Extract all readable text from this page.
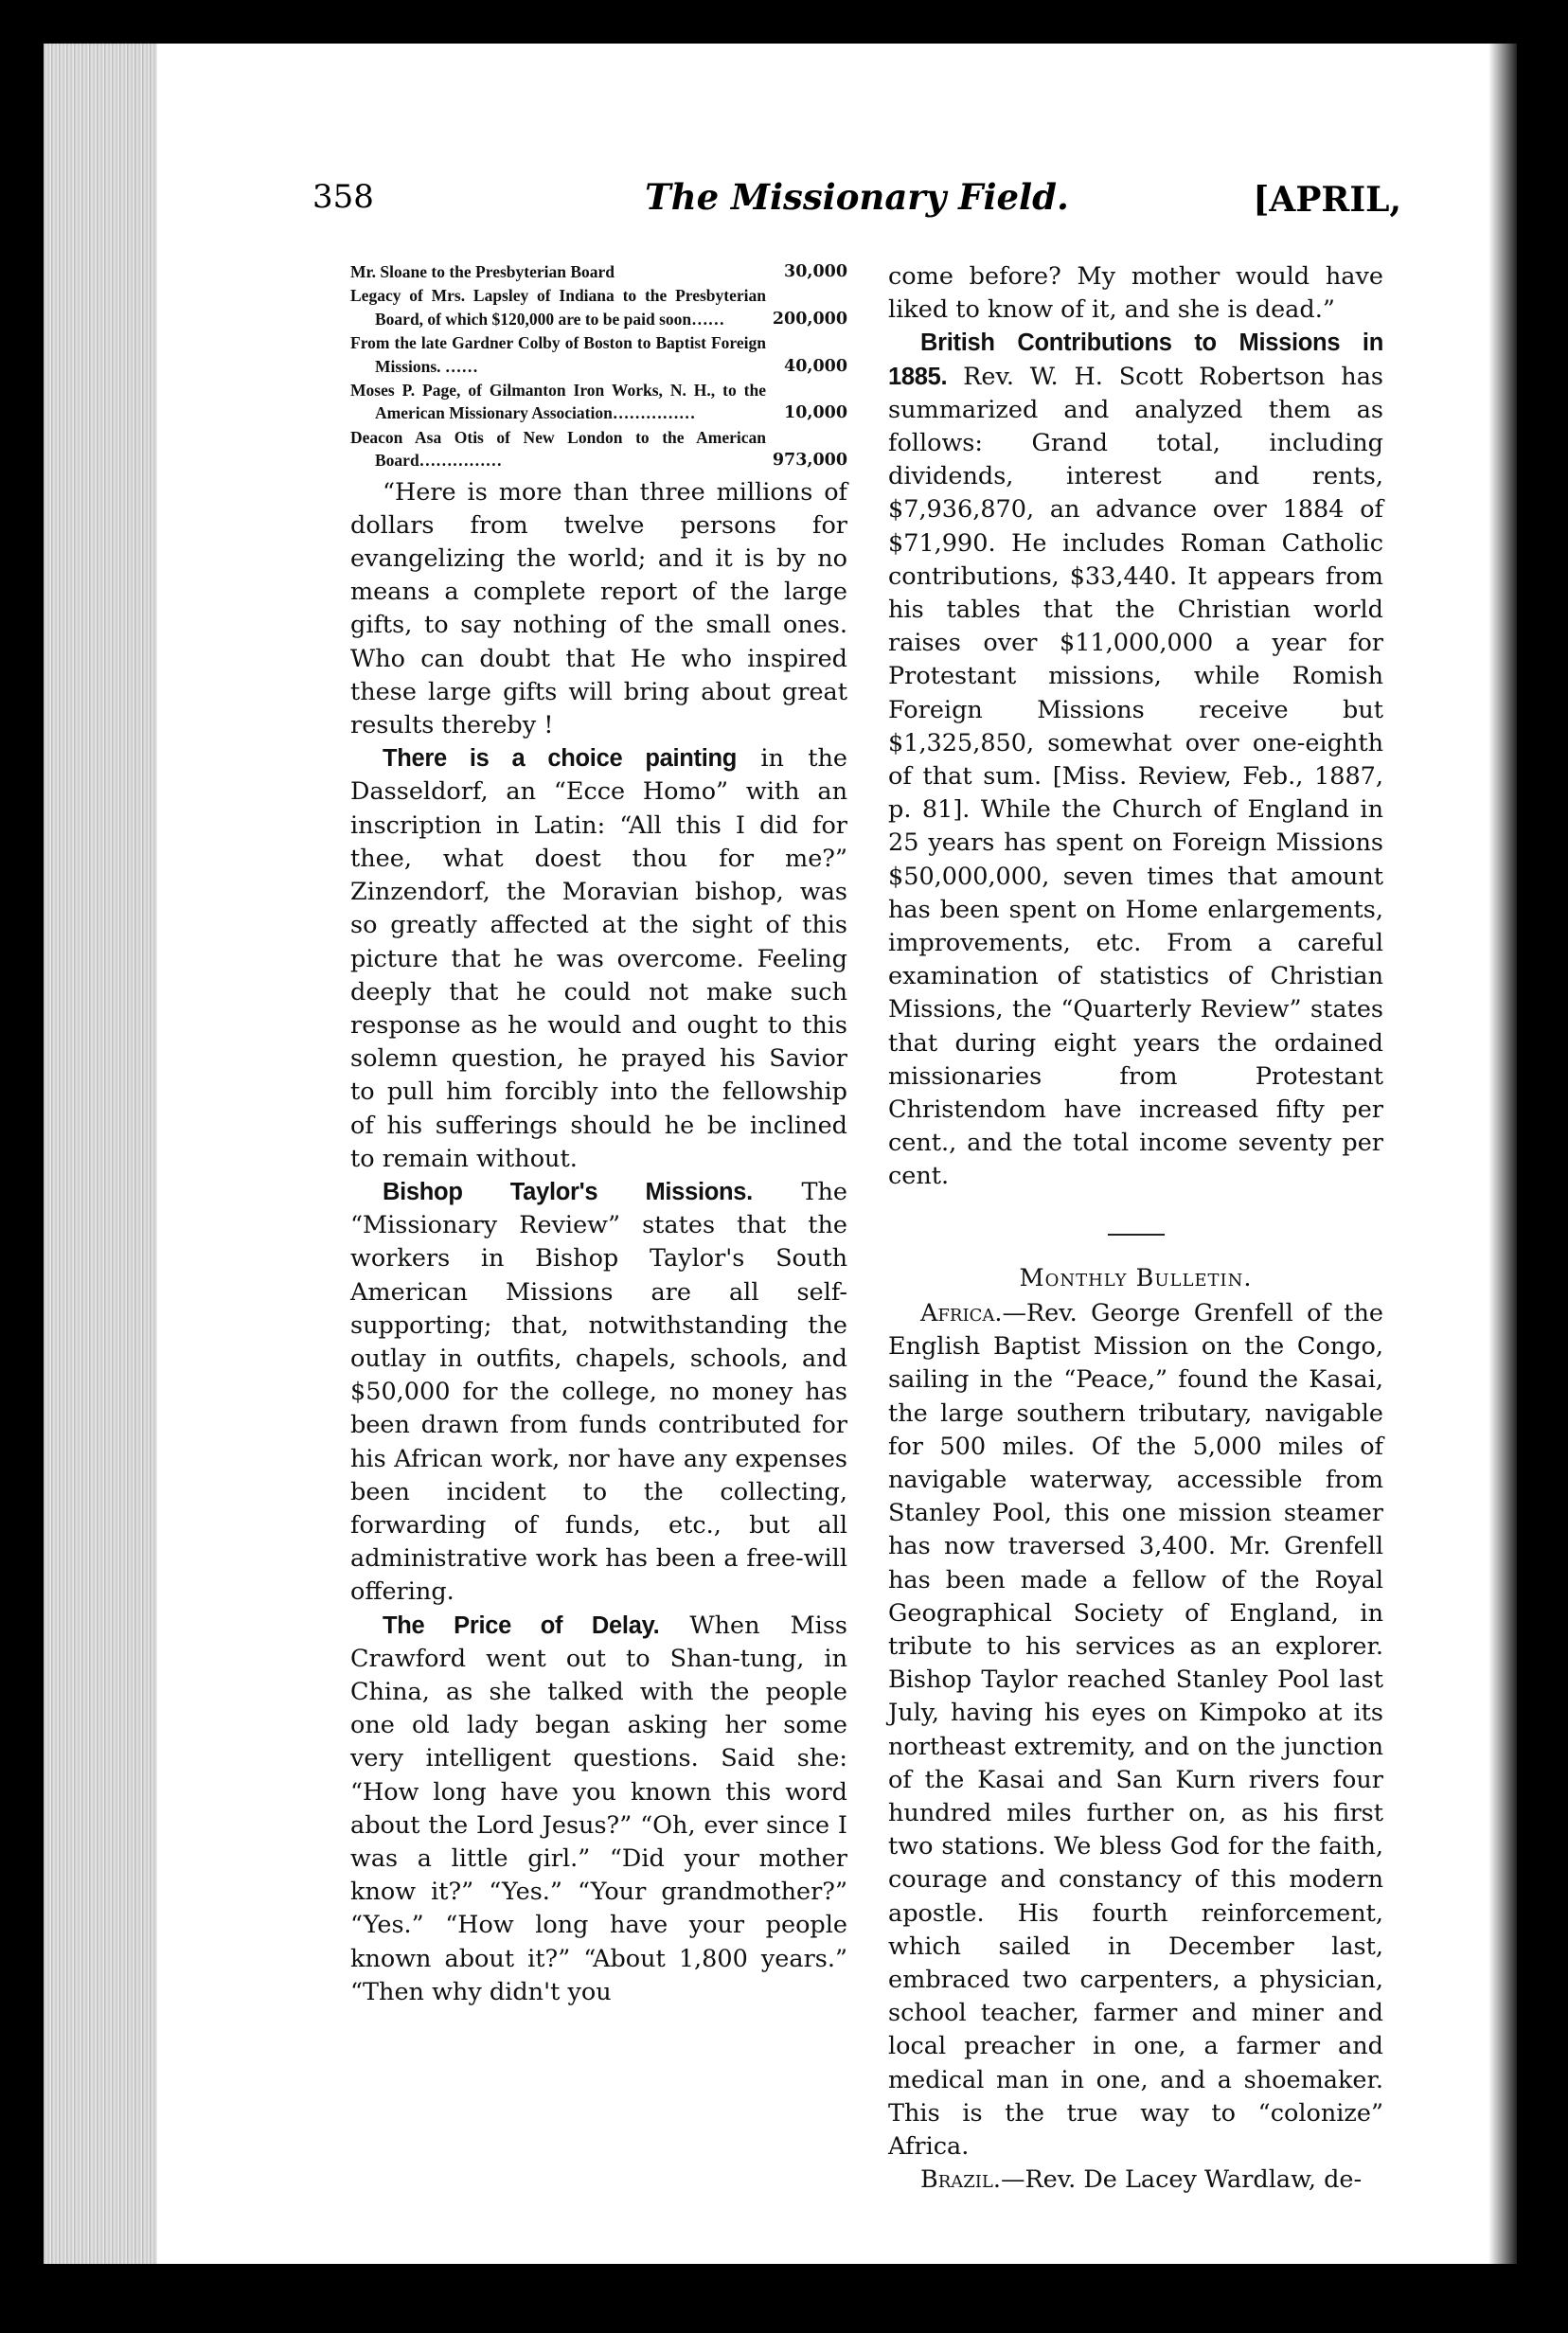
358	The Missionary Field.	[APRIL,
Mr. Sloane to the Presbyterian Board	30,000
Legacy of Mrs. Lapsley of Indiana to the Presbyterian Board, of which $120,000 are to be paid soon……	200,000
From the late Gardner Colby of Boston to Baptist Foreign Missions. ……	40,000
Moses P. Page, of Gilmanton Iron Works, N. H., to the American Missionary Association……………	10,000
Deacon Asa Otis of New London to the American Board……………	973,000

“Here is more than three millions of dollars from twelve persons for evangelizing the world; and it is by no means a complete report of the large gifts, to say nothing of the small ones. Who can doubt that He who inspired these large gifts will bring about great results thereby !

There is a choice painting in the Dasseldorf, an “Ecce Homo” with an inscription in Latin: “All this I did for thee, what doest thou for me?” Zinzendorf, the Moravian bishop, was so greatly affected at the sight of this picture that he was overcome. Feeling deeply that he could not make such response as he would and ought to this solemn question, he prayed his Savior to pull him forcibly into the fellowship of his sufferings should he be inclined to remain without.

Bishop Taylor's Missions. The “Missionary Review” states that the workers in Bishop Taylor's South American Missions are all self-supporting; that, notwithstanding the outlay in outfits, chapels, schools, and $50,000 for the college, no money has been drawn from funds contributed for his African work, nor have any expenses been incident to the collecting, forwarding of funds, etc., but all administrative work has been a free-will offering.

The Price of Delay. When Miss Crawford went out to Shan-tung, in China, as she talked with the people one old lady began asking her some very intelligent questions. Said she: “How long have you known this word about the Lord Jesus?” “Oh, ever since I was a little girl.” “Did your mother know it?” “Yes.” “Your grandmother?” “Yes.” “How long have your people known about it?” “About 1,800 years.” “Then why didn't you

come before? My mother would have liked to know of it, and she is dead.”

British Contributions to Missions in 1885. Rev. W. H. Scott Robertson has summarized and analyzed them as follows: Grand total, including dividends, interest and rents, $7,936,870, an advance over 1884 of $71,990. He includes Roman Catholic contributions, $33,440. It appears from his tables that the Christian world raises over $11,000,000 a year for Protestant missions, while Romish Foreign Missions receive but $1,325,850, somewhat over one-eighth of that sum. [Miss. Review, Feb., 1887, p. 81]. While the Church of England in 25 years has spent on Foreign Missions $50,000,000, seven times that amount has been spent on Home enlargements, improvements, etc. From a careful examination of statistics of Christian Missions, the “Quarterly Review” states that during eight years the ordained missionaries from Protestant Christendom have increased fifty per cent., and the total income seventy per cent.

Monthly Bulletin.

Africa.—Rev. George Grenfell of the English Baptist Mission on the Congo, sailing in the “Peace,” found the Kasai, the large southern tributary, navigable for 500 miles. Of the 5,000 miles of navigable waterway, accessible from Stanley Pool, this one mission steamer has now traversed 3,400. Mr. Grenfell has been made a fellow of the Royal Geographical Society of England, in tribute to his services as an explorer. Bishop Taylor reached Stanley Pool last July, having his eyes on Kimpoko at its northeast extremity, and on the junction of the Kasai and San Kurn rivers four hundred miles further on, as his first two stations. We bless God for the faith, courage and constancy of this modern apostle. His fourth reinforcement, which sailed in December last, embraced two carpenters, a physician, school teacher, farmer and miner and local preacher in one, a farmer and medical man in one, and a shoemaker. This is the true way to “colonize” Africa.

Brazil.—Rev. De Lacey Wardlaw, de-
